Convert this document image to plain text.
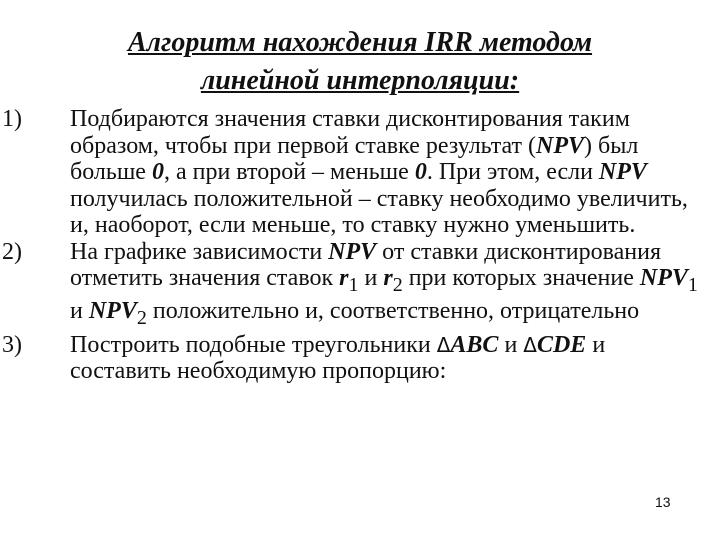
Алгоритм нахождения IRR методом
линейной интерполяции:
1) Подбираются значения ставки дисконтирования таким образом, чтобы при первой ставке результат (NPV) был больше 0, а при второй – меньше 0. При этом, если NPV получилась положительной – ставку необходимо увеличить, и, наоборот, если меньше, то ставку нужно уменьшить.
2) На графике зависимости NPV от ставки дисконтирования отметить значения ставок $r_1$ и $r_2$ при которых значение $NPV_1$ и $NPV_2$ положительно и, соответственно, отрицательно
3) Построить подобные треугольники ΔABC и ΔCDE и составить необходимую пропорцию:
13
